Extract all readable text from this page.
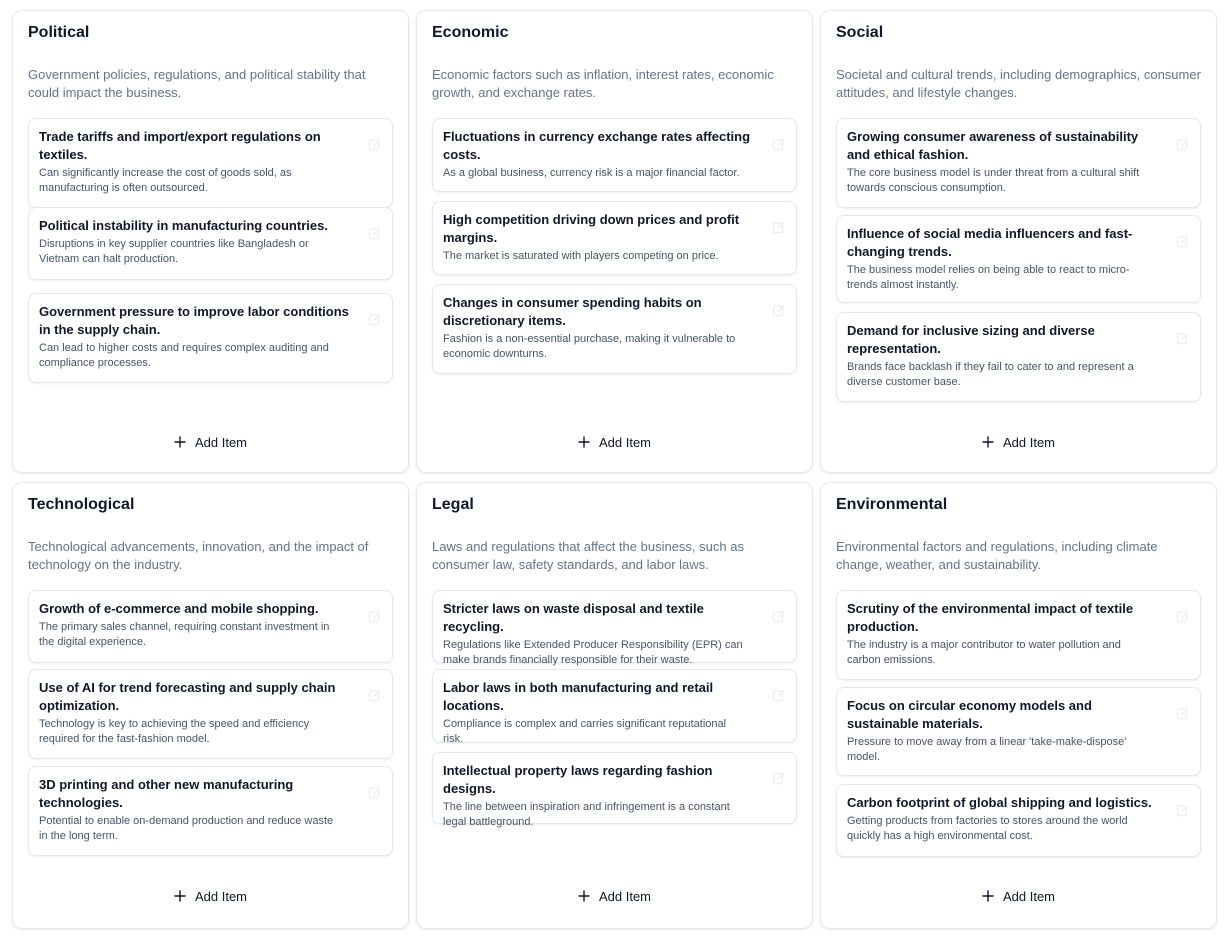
Political
Government policies, regulations, and political stability that could impact the business.
Trade tariffs and import/export regulations on textiles.
Can significantly increase the cost of goods sold, as manufacturing is often outsourced.
Political instability in manufacturing countries.
Disruptions in key supplier countries like Bangladesh or Vietnam can halt production.
Government pressure to improve labor conditions in the supply chain.
Can lead to higher costs and requires complex auditing and compliance processes.
Add Item
Economic
Economic factors such as inflation, interest rates, economic growth, and exchange rates.
Fluctuations in currency exchange rates affecting costs.
As a global business, currency risk is a major financial factor.
High competition driving down prices and profit margins.
The market is saturated with players competing on price.
Changes in consumer spending habits on discretionary items.
Fashion is a non-essential purchase, making it vulnerable to economic downturns.
Add Item
Social
Societal and cultural trends, including demographics, consumer attitudes, and lifestyle changes.
Growing consumer awareness of sustainability and ethical fashion.
The core business model is under threat from a cultural shift towards conscious consumption.
Influence of social media influencers and fast-changing trends.
The business model relies on being able to react to micro-trends almost instantly.
Demand for inclusive sizing and diverse representation.
Brands face backlash if they fail to cater to and represent a diverse customer base.
Add Item
Technological
Technological advancements, innovation, and the impact of technology on the industry.
Growth of e-commerce and mobile shopping.
The primary sales channel, requiring constant investment in the digital experience.
Use of AI for trend forecasting and supply chain optimization.
Technology is key to achieving the speed and efficiency required for the fast-fashion model.
3D printing and other new manufacturing technologies.
Potential to enable on-demand production and reduce waste in the long term.
Add Item
Legal
Laws and regulations that affect the business, such as consumer law, safety standards, and labor laws.
Stricter laws on waste disposal and textile recycling.
Regulations like Extended Producer Responsibility (EPR) can make brands financially responsible for their waste.
Labor laws in both manufacturing and retail locations.
Compliance is complex and carries significant reputational risk.
Intellectual property laws regarding fashion designs.
The line between inspiration and infringement is a constant legal battleground.
Add Item
Environmental
Environmental factors and regulations, including climate change, weather, and sustainability.
Scrutiny of the environmental impact of textile production.
The industry is a major contributor to water pollution and carbon emissions.
Focus on circular economy models and sustainable materials.
Pressure to move away from a linear 'take-make-dispose' model.
Carbon footprint of global shipping and logistics.
Getting products from factories to stores around the world quickly has a high environmental cost.
Add Item
